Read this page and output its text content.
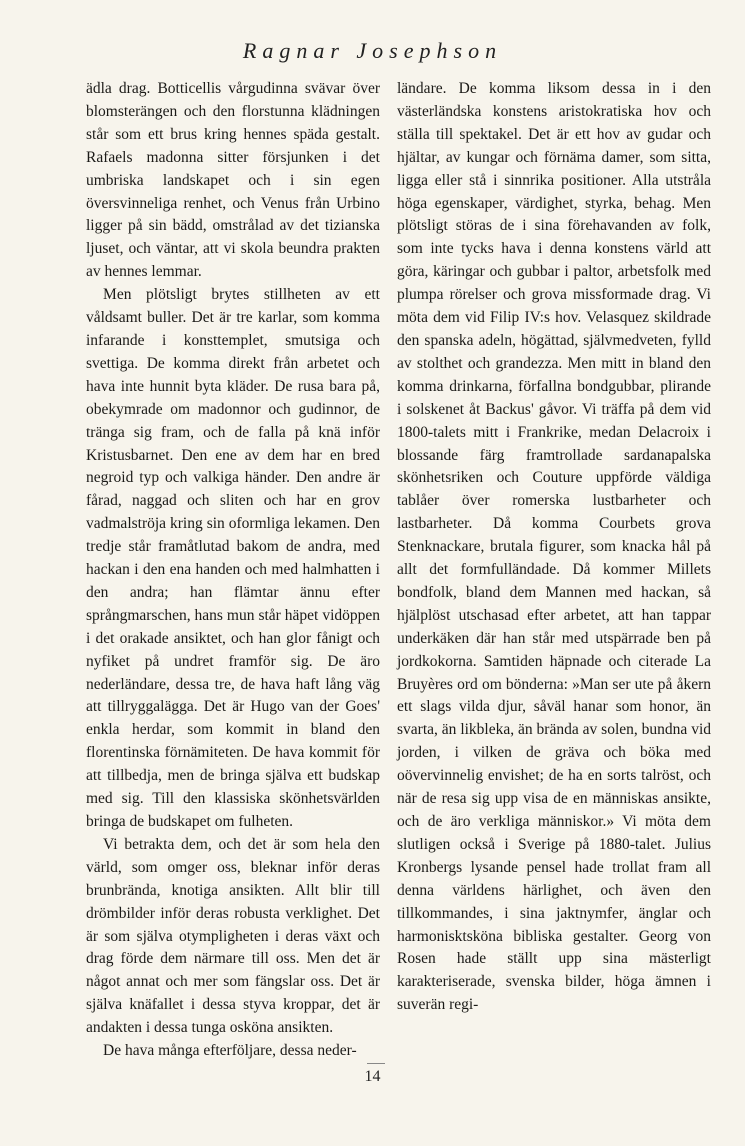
Ragnar Josephson

ädla drag. Botticellis vårgudinna svävar över blomsterängen och den florstunna klädningen står som ett brus kring hennes späda gestalt. Rafaels madonna sitter försjunken i det umbriska landskapet och i sin egen översvinneliga renhet, och Venus från Urbino ligger på sin bädd, omstrålad av det tizianska ljuset, och väntar, att vi skola beundra prakten av hennes lemmar.

Men plötsligt brytes stillheten av ett våldsamt buller. Det är tre karlar, som komma infarande i konsttemplet, smutsiga och svettiga. De komma direkt från arbetet och hava inte hunnit byta kläder. De rusa bara på, obekymrade om madonnor och gudinnor, de tränga sig fram, och de falla på knä inför Kristusbarnet. Den ene av dem har en bred negroid typ och valkiga händer. Den andre är fårad, naggad och sliten och har en grov vadmalströja kring sin oformliga lekamen. Den tredje står framåtlutad bakom de andra, med hackan i den ena handen och med halmhatten i den andra; han flämtar ännu efter språngmarschen, hans mun står häpet vidöppen i det orakade ansiktet, och han glor fånigt och nyfiket på undret framför sig. De äro nederländare, dessa tre, de hava haft lång väg att tillryggalägga. Det är Hugo van der Goes' enkla herdar, som kommit in bland den florentinska förnämiteten. De hava kommit för att tillbedja, men de bringa själva ett budskap med sig. Till den klassiska skönhetsvärlden bringa de budskapet om fulheten.

Vi betrakta dem, och det är som hela den värld, som omger oss, bleknar inför deras brunbrända, knotiga ansikten. Allt blir till drömbilder inför deras robusta verklighet. Det är som själva otympligheten i deras växt och drag förde dem närmare till oss. Men det är något annat och mer som fängslar oss. Det är själva knäfallet i dessa styva kroppar, det är andakten i dessa tunga osköna ansikten.

De hava många efterföljare, dessa neder-

ländare. De komma liksom dessa in i den västerländska konstens aristokratiska hov och ställa till spektakel. Det är ett hov av gudar och hjältar, av kungar och förnäma damer, som sitta, ligga eller stå i sinnrika positioner. Alla utstråla höga egenskaper, värdighet, styrka, behag. Men plötsligt störas de i sina förehavanden av folk, som inte tycks hava i denna konstens värld att göra, käringar och gubbar i paltor, arbetsfolk med plumpa rörelser och grova missformade drag. Vi möta dem vid Filip IV:s hov. Velasquez skildrade den spanska adeln, högättad, självmedveten, fylld av stolthet och grandezza. Men mitt in bland den komma drinkarna, förfallna bondgubbar, plirande i solskenet åt Backus' gåvor. Vi träffa på dem vid 1800-talets mitt i Frankrike, medan Delacroix i blossande färg framtrollade sardanapalska skönhetsriken och Couture uppförde väldiga tablåer över romerska lustbarheter och lastbarheter. Då komma Courbets grova Stenknackare, brutala figurer, som knacka hål på allt det formfulländade. Då kommer Millets bondfolk, bland dem Mannen med hackan, så hjälplöst utschasad efter arbetet, att han tappar underkäken där han står med utspärrade ben på jordkokorna. Samtiden häpnade och citerade La Bruyères ord om bönderna: »Man ser ute på åkern ett slags vilda djur, såväl hanar som honor, än svarta, än likbleka, än brända av solen, bundna vid jorden, i vilken de gräva och böka med oövervinnelig envishet; de ha en sorts talröst, och när de resa sig upp visa de en människas ansikte, och de äro verkliga människor.» Vi möta dem slutligen också i Sverige på 1880-talet. Julius Kronbergs lysande pensel hade trollat fram all denna världens härlighet, och även den tillkommandes, i sina jaktnymfer, änglar och harmonisktsköna bibliska gestalter. Georg von Rosen hade ställt upp sina mästerligt karakteriserade, svenska bilder, höga ämnen i suverän regi-

14
